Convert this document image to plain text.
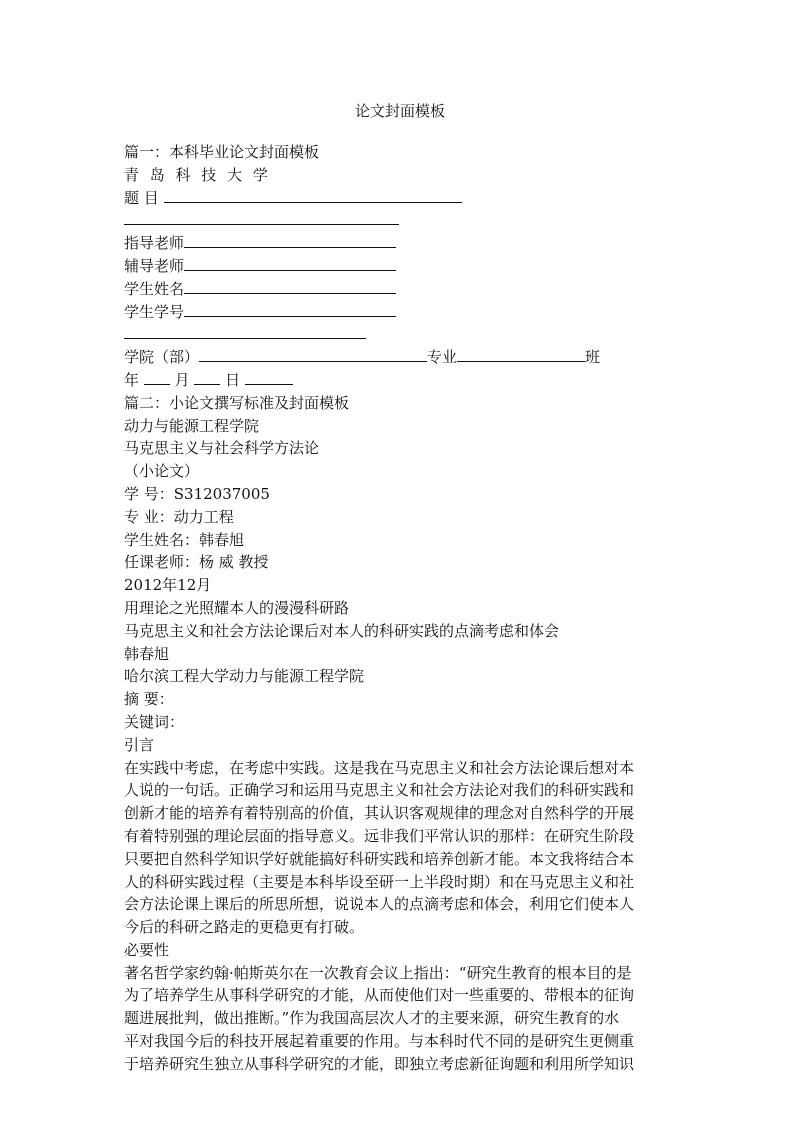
论文封面模板
篇一：本科毕业论文封面模板
青 岛 科 技 大 学
题 目
指导老师
辅导老师
学生姓名
学生学号
学院（部）	专业	班
年 月 日
篇二：小论文撰写标准及封面模板
动力与能源工程学院
马克思主义与社会科学方法论
（小论文）
学 号：S312037005
专 业：动力工程
学生姓名：韩春旭
任课老师：杨 威 教授
2012年12月
用理论之光照耀本人的漫漫科研路
马克思主义和社会方法论课后对本人的科研实践的点滴考虑和体会
韩春旭
哈尔滨工程大学动力与能源工程学院
摘 要：
关键词：
引言
在实践中考虑，在考虑中实践。这是我在马克思主义和社会方法论课后想对本
人说的一句话。正确学习和运用马克思主义和社会方法论对我们的科研实践和
创新才能的培养有着特别高的价值，其认识客观规律的理念对自然科学的开展
有着特别强的理论层面的指导意义。远非我们平常认识的那样：在研究生阶段
只要把自然科学知识学好就能搞好科研实践和培养创新才能。本文我将结合本
人的科研实践过程（主要是本科毕设至研一上半段时期）和在马克思主义和社
会方法论课上课后的所思所想，说说本人的点滴考虑和体会，利用它们使本人
今后的科研之路走的更稳更有打破。
必要性
著名哲学家约翰·帕斯英尔在一次教育会议上指出：“研究生教育的根本目的是
为了培养学生从事科学研究的才能，从而使他们对一些重要的、带根本的征询
题进展批判，做出推断。”作为我国高层次人才的主要来源，研究生教育的水
平对我国今后的科技开展起着重要的作用。与本科时代不同的是研究生更侧重
于培养研究生独立从事科学研究的才能，即独立考虑新征询题和利用所学知识
